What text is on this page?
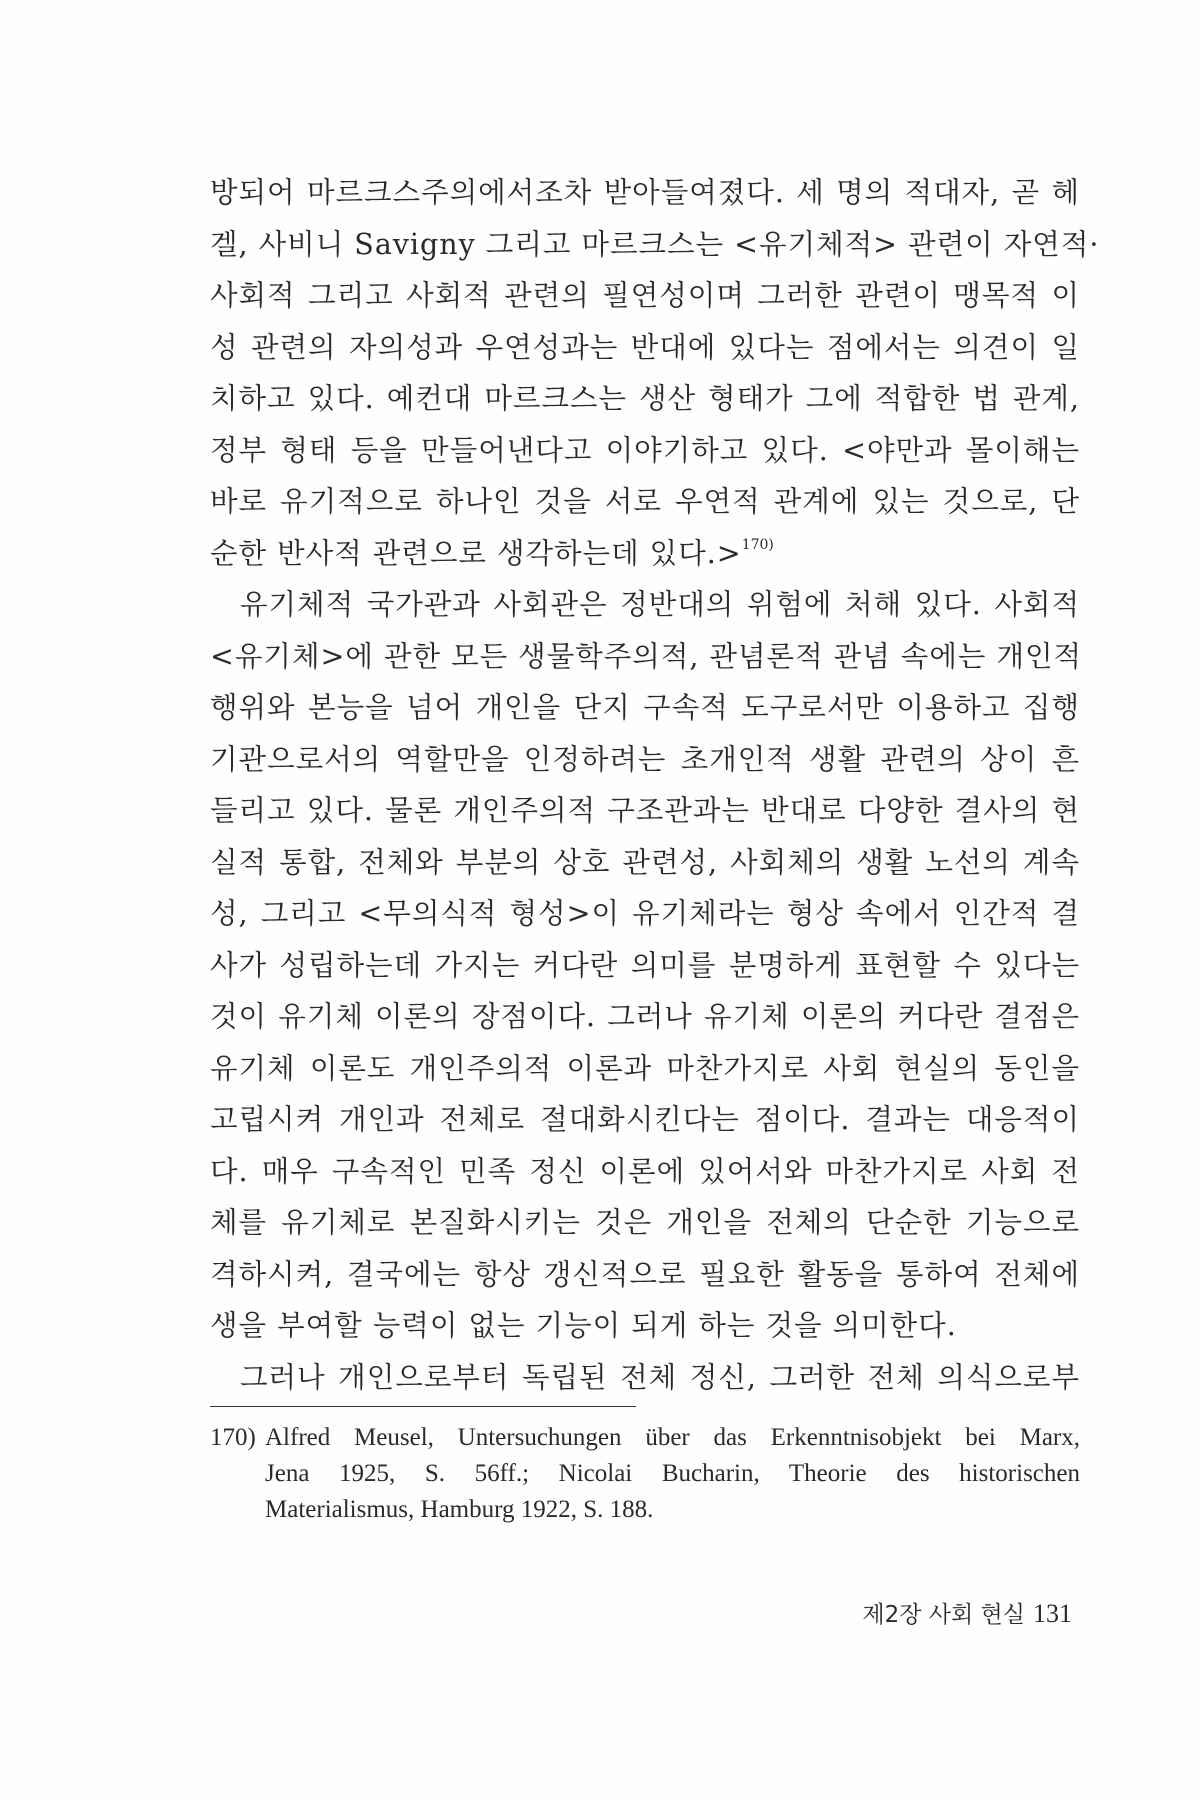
방되어 마르크스주의에서조차 받아들여졌다. 세 명의 적대자, 곧 헤
겔, 사비니 Savigny 그리고 마르크스는 <유기체적> 관련이 자연적·
사회적 그리고 사회적 관련의 필연성이며 그러한 관련이 맹목적 이
성 관련의 자의성과 우연성과는 반대에 있다는 점에서는 의견이 일
치하고 있다. 예컨대 마르크스는 생산 형태가 그에 적합한 법 관계,
정부 형태 등을 만들어낸다고 이야기하고 있다. <야만과 몰이해는
바로 유기적으로 하나인 것을 서로 우연적 관계에 있는 것으로, 단
순한 반사적 관련으로 생각하는데 있다.>$^{170)}$
유기체적 국가관과 사회관은 정반대의 위험에 처해 있다. 사회적
<유기체>에 관한 모든 생물학주의적, 관념론적 관념 속에는 개인적
행위와 본능을 넘어 개인을 단지 구속적 도구로서만 이용하고 집행
기관으로서의 역할만을 인정하려는 초개인적 생활 관련의 상이 흔
들리고 있다. 물론 개인주의적 구조관과는 반대로 다양한 결사의 현
실적 통합, 전체와 부분의 상호 관련성, 사회체의 생활 노선의 계속
성, 그리고 <무의식적 형성>이 유기체라는 형상 속에서 인간적 결
사가 성립하는데 가지는 커다란 의미를 분명하게 표현할 수 있다는
것이 유기체 이론의 장점이다. 그러나 유기체 이론의 커다란 결점은
유기체 이론도 개인주의적 이론과 마찬가지로 사회 현실의 동인을
고립시켜 개인과 전체로 절대화시킨다는 점이다. 결과는 대응적이
다. 매우 구속적인 민족 정신 이론에 있어서와 마찬가지로 사회 전
체를 유기체로 본질화시키는 것은 개인을 전체의 단순한 기능으로
격하시켜, 결국에는 항상 갱신적으로 필요한 활동을 통하여 전체에
생을 부여할 능력이 없는 기능이 되게 하는 것을 의미한다.
그러나 개인으로부터 독립된 전체 정신, 그러한 전체 의식으로부
170) Alfred Meusel, Untersuchungen über das Erkenntnisobjekt bei Marx,
Jena 1925, S. 56ff.; Nicolai Bucharin, Theorie des historischen
Materialismus, Hamburg 1922, S. 188.
제2장 사회 현실 131
